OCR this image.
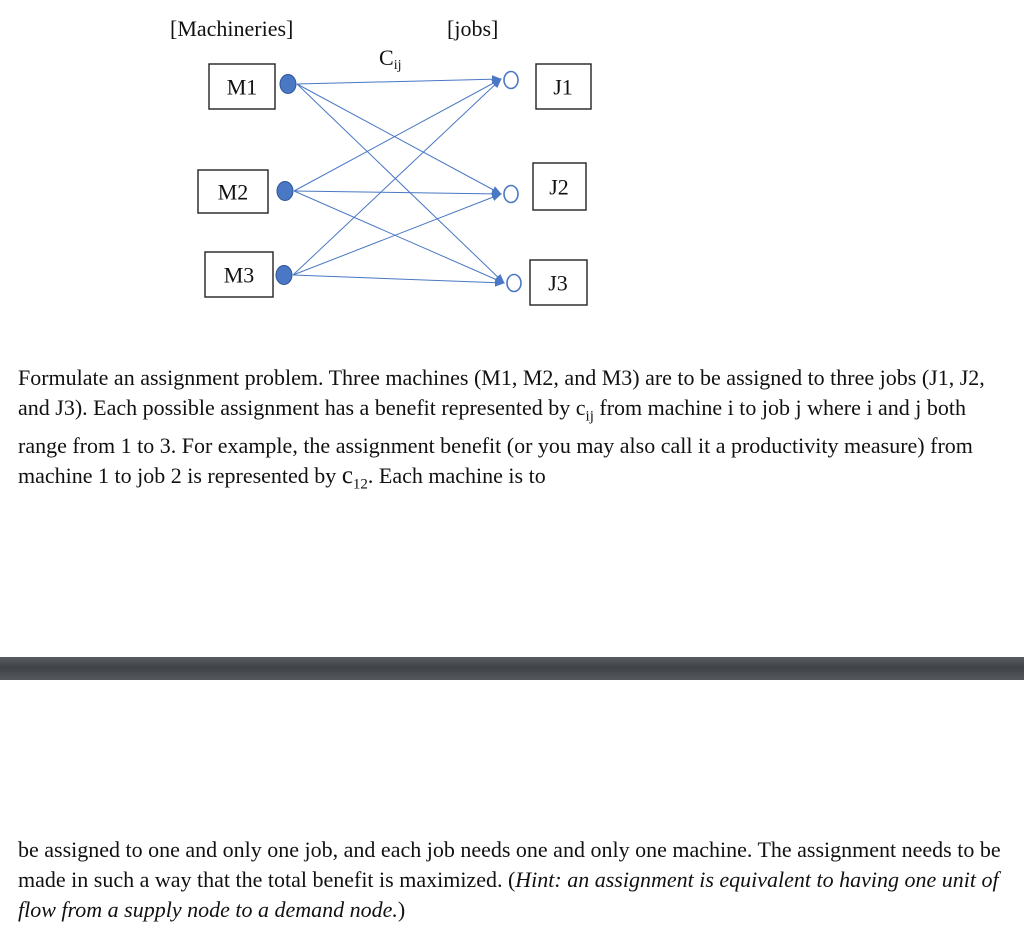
[Machineries]	[jobs]
Cij
M1
M2
M3
J1
J2
J3

Formulate an assignment problem. Three machines (M1, M2, and M3) are to be assigned to three jobs (J1, J2, and J3). Each possible assignment has a benefit represented by $c_{ij}$ from machine i to job j where i and j both range from 1 to 3. For example, the assignment benefit (or you may also call it a productivity measure) from machine 1 to job 2 is represented by $c_{12}$. Each machine is to

be assigned to one and only one job, and each job needs one and only one machine. The assignment needs to be made in such a way that the total benefit is maximized. (Hint: an assignment is equivalent to having one unit of flow from a supply node to a demand node.)
